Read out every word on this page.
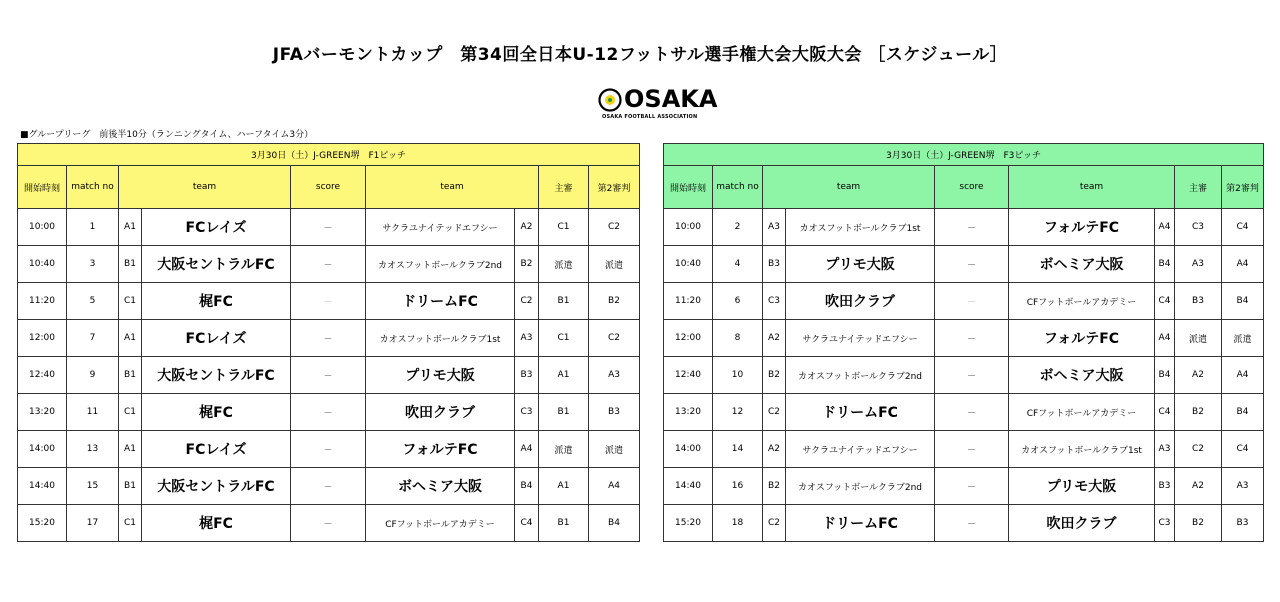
JFAバーモントカップ　第34回全日本U-12フットサル選手権大会大阪大会 ［スケジュール］
OSAKA
OSAKA FOOTBALL ASSOCIATION
■グループリーグ　前後半10分（ランニングタイム、ハーフタイム3分）
3月30日（土）J-GREEN堺　F1ピッチ								
開始時刻	match no	team		score	team		主審	第2審判
10:00	1	A1	FCレイズ	－	サクラユナイテッドエフシー	A2	C1	C2
10:40	3	B1	大阪セントラルFC	－	カオスフットボールクラブ2nd	B2	派遣	派遣
11:20	5	C1	梶FC	－	ドリームFC	C2	B1	B2
12:00	7	A1	FCレイズ	－	カオスフットボールクラブ1st	A3	C1	C2
12:40	9	B1	大阪セントラルFC	－	プリモ大阪	B3	A1	A3
13:20	11	C1	梶FC	－	吹田クラブ	C3	B1	B3
14:00	13	A1	FCレイズ	－	フォルテFC	A4	派遣	派遣
14:40	15	B1	大阪セントラルFC	－	ボヘミア大阪	B4	A1	A4
15:20	17	C1	梶FC	－	CFフットボールアカデミー	C4	B1	B4
3月30日（土）J-GREEN堺　F3ピッチ								
開始時刻	match no	team		score	team		主審	第2審判
10:00	2	A3	カオスフットボールクラブ1st	－	フォルテFC	A4	C3	C4
10:40	4	B3	プリモ大阪	－	ボヘミア大阪	B4	A3	A4
11:20	6	C3	吹田クラブ	－	CFフットボールアカデミー	C4	B3	B4
12:00	8	A2	サクラユナイテッドエフシー	－	フォルテFC	A4	派遣	派遣
12:40	10	B2	カオスフットボールクラブ2nd	－	ボヘミア大阪	B4	A2	A4
13:20	12	C2	ドリームFC	－	CFフットボールアカデミー	C4	B2	B4
14:00	14	A2	サクラユナイテッドエフシー	－	カオスフットボールクラブ1st	A3	C2	C4
14:40	16	B2	カオスフットボールクラブ2nd	－	プリモ大阪	B3	A2	A3
15:20	18	C2	ドリームFC	－	吹田クラブ	C3	B2	B3
